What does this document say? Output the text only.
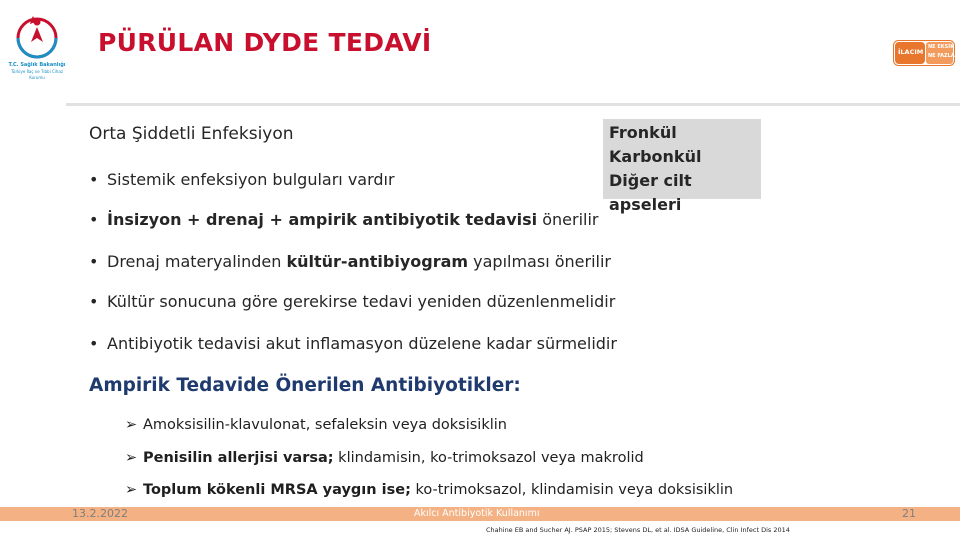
T.C. Sağlık Bakanlığı
Türkiye İlaç ve Tıbbi Cihaz Kurumu
PÜRÜLAN DYDE TEDAVİ	İLACIM
NE EKSİK
NE FAZLA
Orta Şiddetli Enfeksiyon	Fronkül
Karbonkül
Diğer cilt apseleri
• Sistemik enfeksiyon bulguları vardır
• İnsizyon + drenaj + ampirik antibiyotik tedavisi önerilir
• Drenaj materyalinden kültür-antibiyogram yapılması önerilir
• Kültür sonucuna göre gerekirse tedavi yeniden düzenlenmelidir
• Antibiyotik tedavisi akut inflamasyon düzelene kadar sürmelidir
Ampirik Tedavide Önerilen Antibiyotikler:
➢ Amoksisilin-klavulonat, sefaleksin veya doksisiklin
➢ Penisilin allerjisi varsa; klindamisin, ko-trimoksazol veya makrolid
➢ Toplum kökenli MRSA yaygın ise; ko-trimoksazol, klindamisin veya doksisiklin
13.2.2022	Akılcı Antibiyotik Kullanımı	21
Chahine EB and Sucher AJ. PSAP 2015; Stevens DL, et al. IDSA Guideline, Clin Infect Dis 2014
